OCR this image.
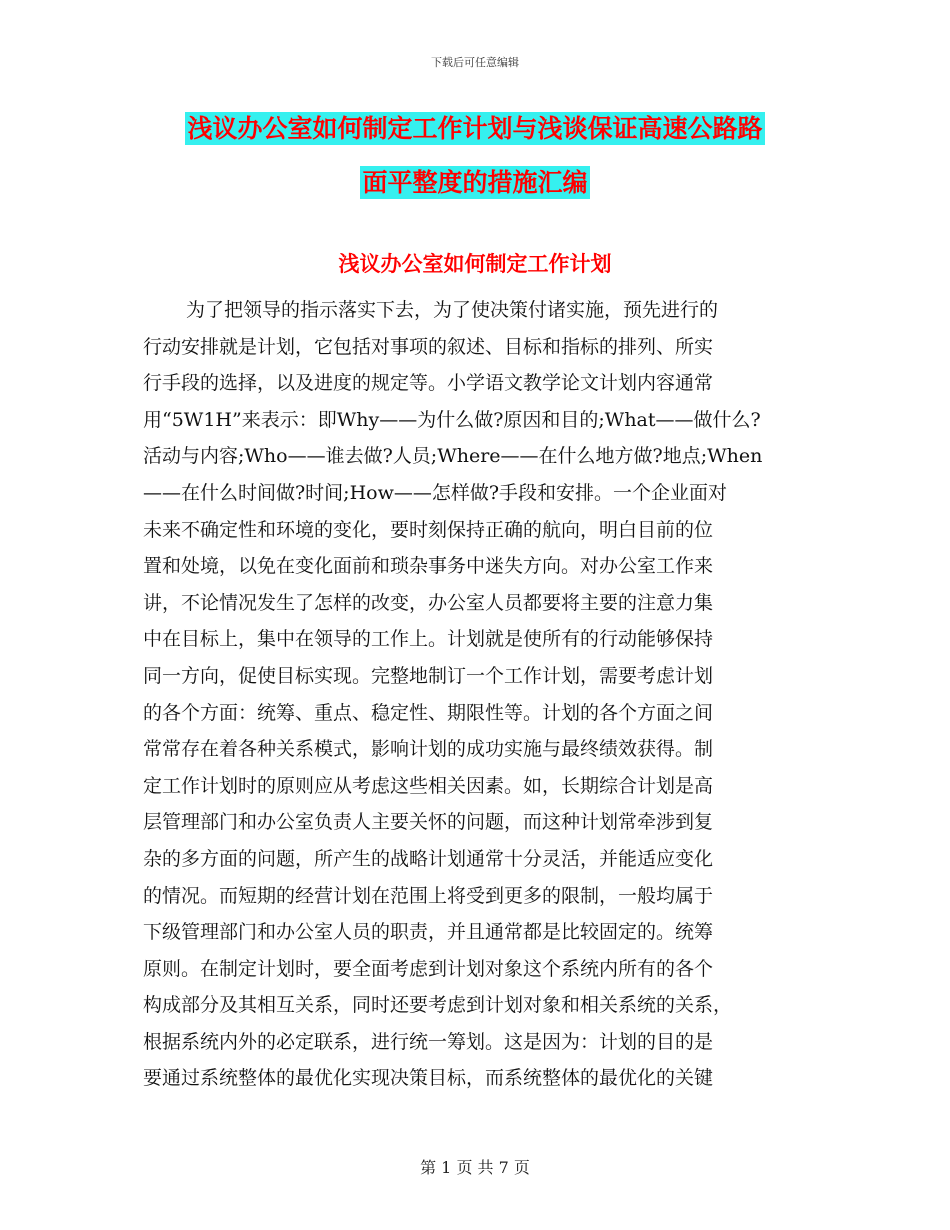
下载后可任意编辑
浅议办公室如何制定工作计划与浅谈保证高速公路路
面平整度的措施汇编
浅议办公室如何制定工作计划
为了把领导的指示落实下去，为了使决策付诸实施，预先进行的
行动安排就是计划，它包括对事项的叙述、目标和指标的排列、所实
行手段的选择，以及进度的规定等。小学语文教学论文计划内容通常
用“5W1H”来表示：即Why——为什么做?原因和目的;What——做什么?
活动与内容;Who——谁去做?人员;Where——在什么地方做?地点;When
——在什么时间做?时间;How——怎样做?手段和安排。一个企业面对
未来不确定性和环境的变化，要时刻保持正确的航向，明白目前的位
置和处境，以免在变化面前和琐杂事务中迷失方向。对办公室工作来
讲，不论情况发生了怎样的改变，办公室人员都要将主要的注意力集
中在目标上，集中在领导的工作上。计划就是使所有的行动能够保持
同一方向，促使目标实现。完整地制订一个工作计划，需要考虑计划
的各个方面：统筹、重点、稳定性、期限性等。计划的各个方面之间
常常存在着各种关系模式，影响计划的成功实施与最终绩效获得。制
定工作计划时的原则应从考虑这些相关因素。如，长期综合计划是高
层管理部门和办公室负责人主要关怀的问题，而这种计划常牵涉到复
杂的多方面的问题，所产生的战略计划通常十分灵活，并能适应变化
的情况。而短期的经营计划在范围上将受到更多的限制，一般均属于
下级管理部门和办公室人员的职责，并且通常都是比较固定的。统筹
原则。在制定计划时，要全面考虑到计划对象这个系统内所有的各个
构成部分及其相互关系，同时还要考虑到计划对象和相关系统的关系，
根据系统内外的必定联系，进行统一筹划。这是因为：计划的目的是
要通过系统整体的最优化实现决策目标，而系统整体的最优化的关键
第 1 页 共 7 页
